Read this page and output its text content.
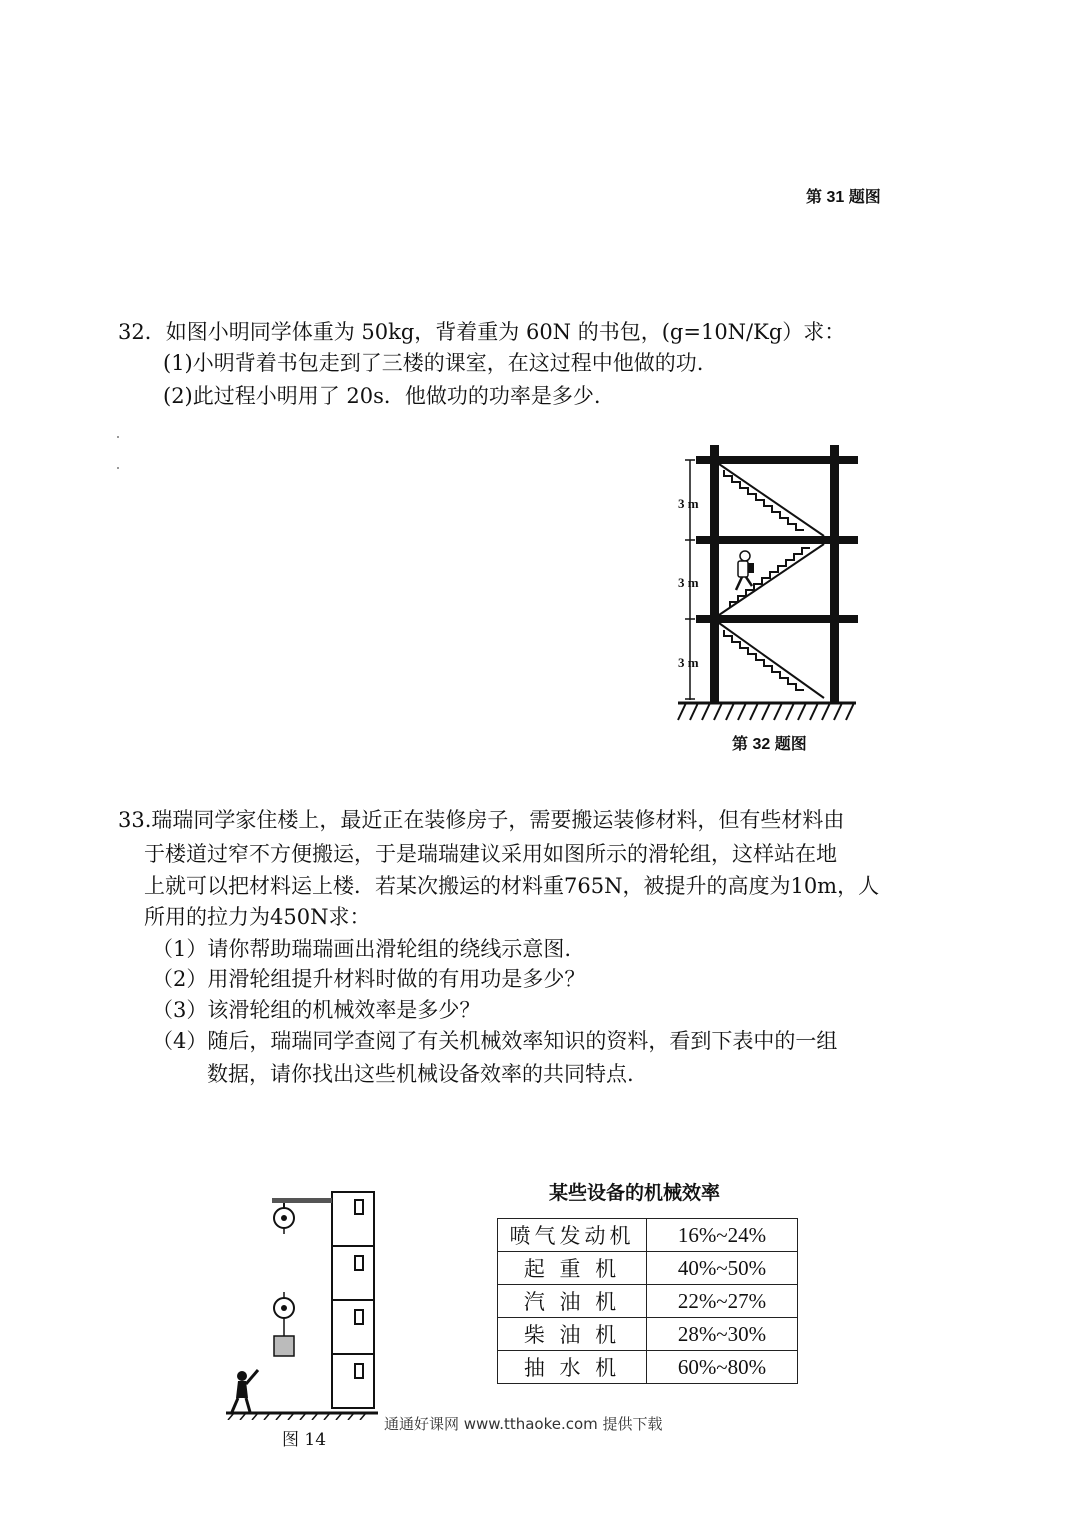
第 31 题图
32．如图小明同学体重为 50kg，背着重为 60N 的书包，(g=10N/Kg）求：
(1)小明背着书包走到了三楼的课室，在这过程中他做的功.
(2)此过程小明用了 20s．他做功的功率是多少.
3 m
3 m
3 m
第 32 题图
33.瑞瑞同学家住楼上，最近正在装修房子，需要搬运装修材料，但有些材料由
于楼道过窄不方便搬运，于是瑞瑞建议采用如图所示的滑轮组，这样站在地
上就可以把材料运上楼．若某次搬运的材料重765N，被提升的高度为10m，人
所用的拉力为450N求：
（1）请你帮助瑞瑞画出滑轮组的绕线示意图.
（2）用滑轮组提升材料时做的有用功是多少？
（3）该滑轮组的机械效率是多少？
（4）随后，瑞瑞同学查阅了有关机械效率知识的资料，看到下表中的一组
数据，请你找出这些机械设备效率的共同特点.
图 14
某些设备的机械效率
喷气发动机	16%~24%
起 重 机	40%~50%
汽 油 机	22%~27%
柴 油 机	28%~30%
抽 水 机	60%~80%
通通好课网 www.tthaoke.com 提供下载
